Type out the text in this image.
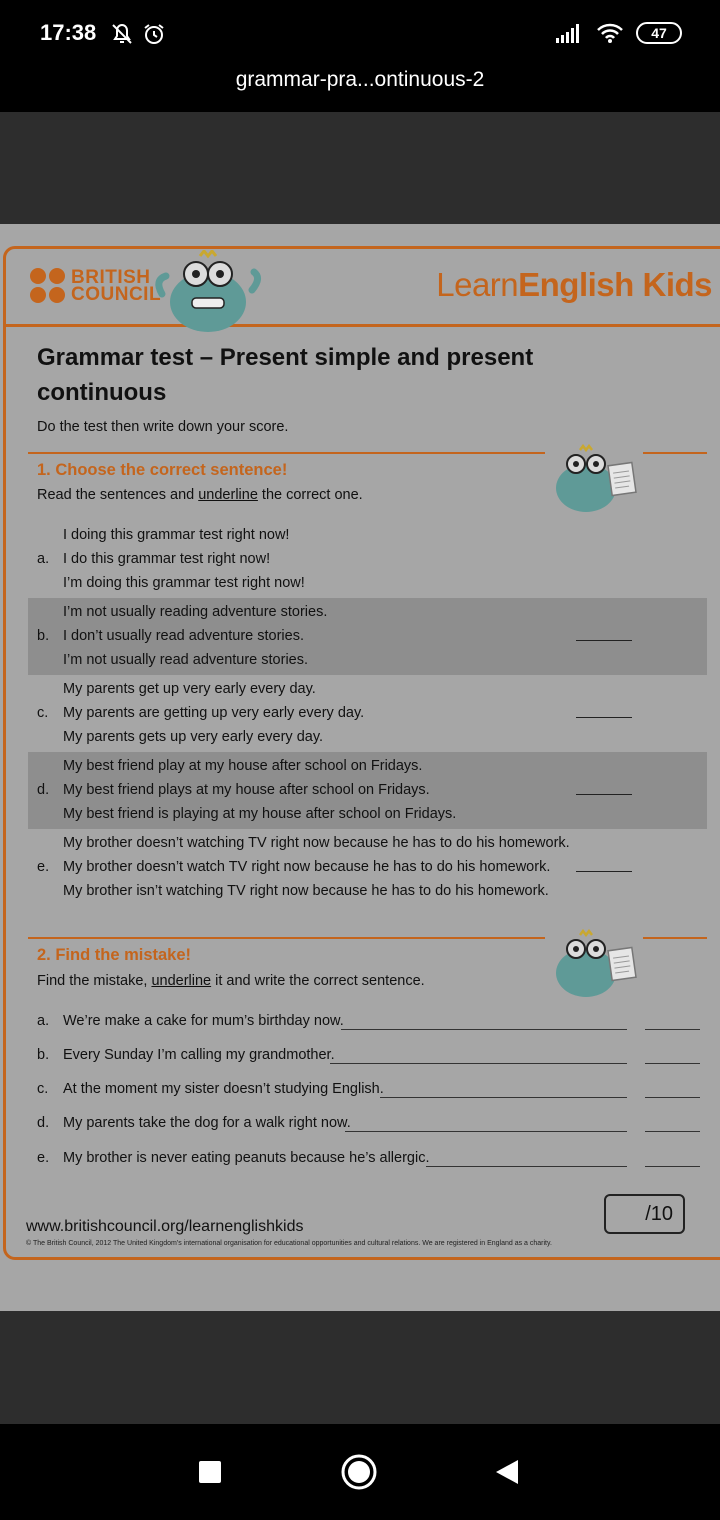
17:38	47
grammar-pra...ontinuous-2
BRITISH
COUNCIL	LearnEnglish Kids
Grammar test – Present simple and present continuous
Do the test then write down your score.
1. Choose the correct sentence!
Read the sentences and underline the correct one.
a.
I doing this grammar test right now!
I do this grammar test right now!
I’m doing this grammar test right now!
b.
I’m not usually reading adventure stories.
I don’t usually read adventure stories.
I’m not usually read adventure stories.
c.
My parents get up very early every day.
My parents are getting up very early every day.
My parents gets up very early every day.
d.
My best friend play at my house after school on Fridays.
My best friend plays at my house after school on Fridays.
My best friend is playing at my house after school on Fridays.
e.
My brother doesn’t watching TV right now because he has to do his homework.
My brother doesn’t watch TV right now because he has to do his homework.
My brother isn’t watching TV right now because he has to do his homework.
2. Find the mistake!
Find the mistake, underline it and write the correct sentence.
a. We’re make a cake for mum’s birthday now.
b. Every Sunday I’m calling my grandmother.
c. At the moment my sister doesn’t studying English.
d. My parents take the dog for a walk right now.
e. My brother is never eating peanuts because he’s allergic.
www.britishcouncil.org/learnenglishkids
© The British Council, 2012 The United Kingdom’s international organisation for educational opportunities and cultural relations. We are registered in England as a charity.
/10
